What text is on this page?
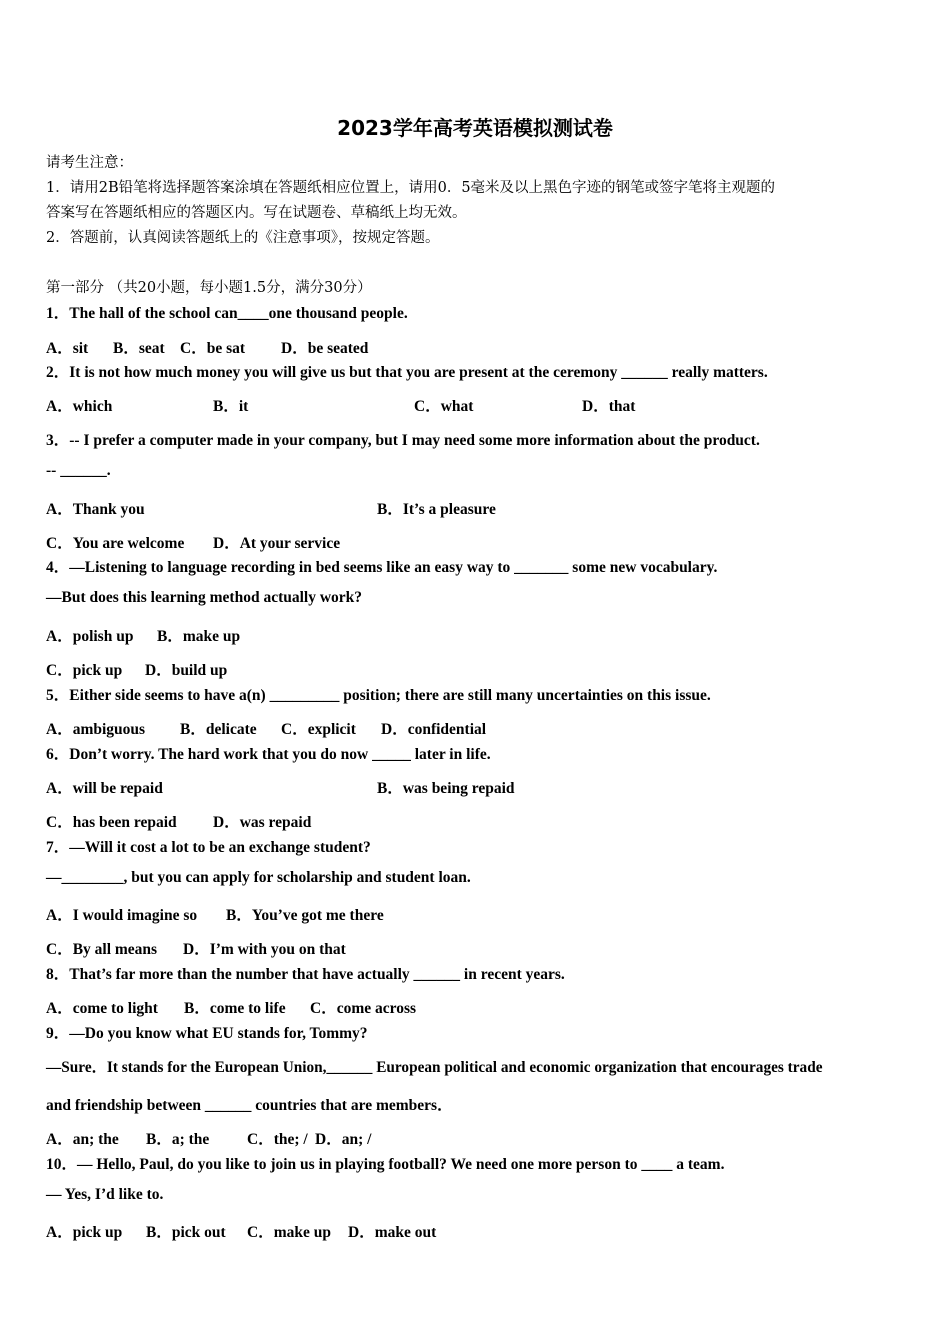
2023学年高考英语模拟测试卷
请考生注意：
1．请用2B铅笔将选择题答案涂填在答题纸相应位置上，请用0．5毫米及以上黑色字迹的钢笔或签字笔将主观题的
答案写在答题纸相应的答题区内。写在试题卷、草稿纸上均无效。
2．答题前，认真阅读答题纸上的《注意事项》，按规定答题。
第一部分 （共20小题，每小题1.5分，满分30分）
1．The hall of the school can____one thousand people.
A．sit B．seat C．be sat D．be seated
2．It is not how much money you will give us but that you are present at the ceremony ______ really matters.
A．which	B．it	C．what	D．that
3．-- I prefer a computer made in your company, but I may need some more information about the product.
-- ______.
A．Thank you	B．It’s a pleasure
C．You are welcome D．At your service
4．—Listening to language recording in bed seems like an easy way to _______ some new vocabulary.
—But does this learning method actually work?
A．polish up B．make up
C．pick up D．build up
5．Either side seems to have a(n) _________ position; there are still many uncertainties on this issue.
A．ambiguous B．delicate C．explicit D．confidential
6．Don’t worry. The hard work that you do now _____ later in life.
A．will be repaid	B．was being repaid
C．has been repaid D．was repaid
7．—Will it cost a lot to be an exchange student?
—________, but you can apply for scholarship and student loan.
A．I would imagine so B．You’ve got me there
C．By all means D．I’m with you on that
8．That’s far more than the number that have actually ______ in recent years.
A．come to light B．come to life C．come across
9．—Do you know what EU stands for, Tommy?
—Sure．It stands for the European Union,______ European political and economic organization that encourages trade
and friendship between ______ countries that are members．
A．an; the B．a; the C．the; / D．an; /
10．— Hello, Paul, do you like to join us in playing football? We need one more person to ____ a team.
— Yes, I’d like to.
A．pick up B．pick out C．make up D．make out
